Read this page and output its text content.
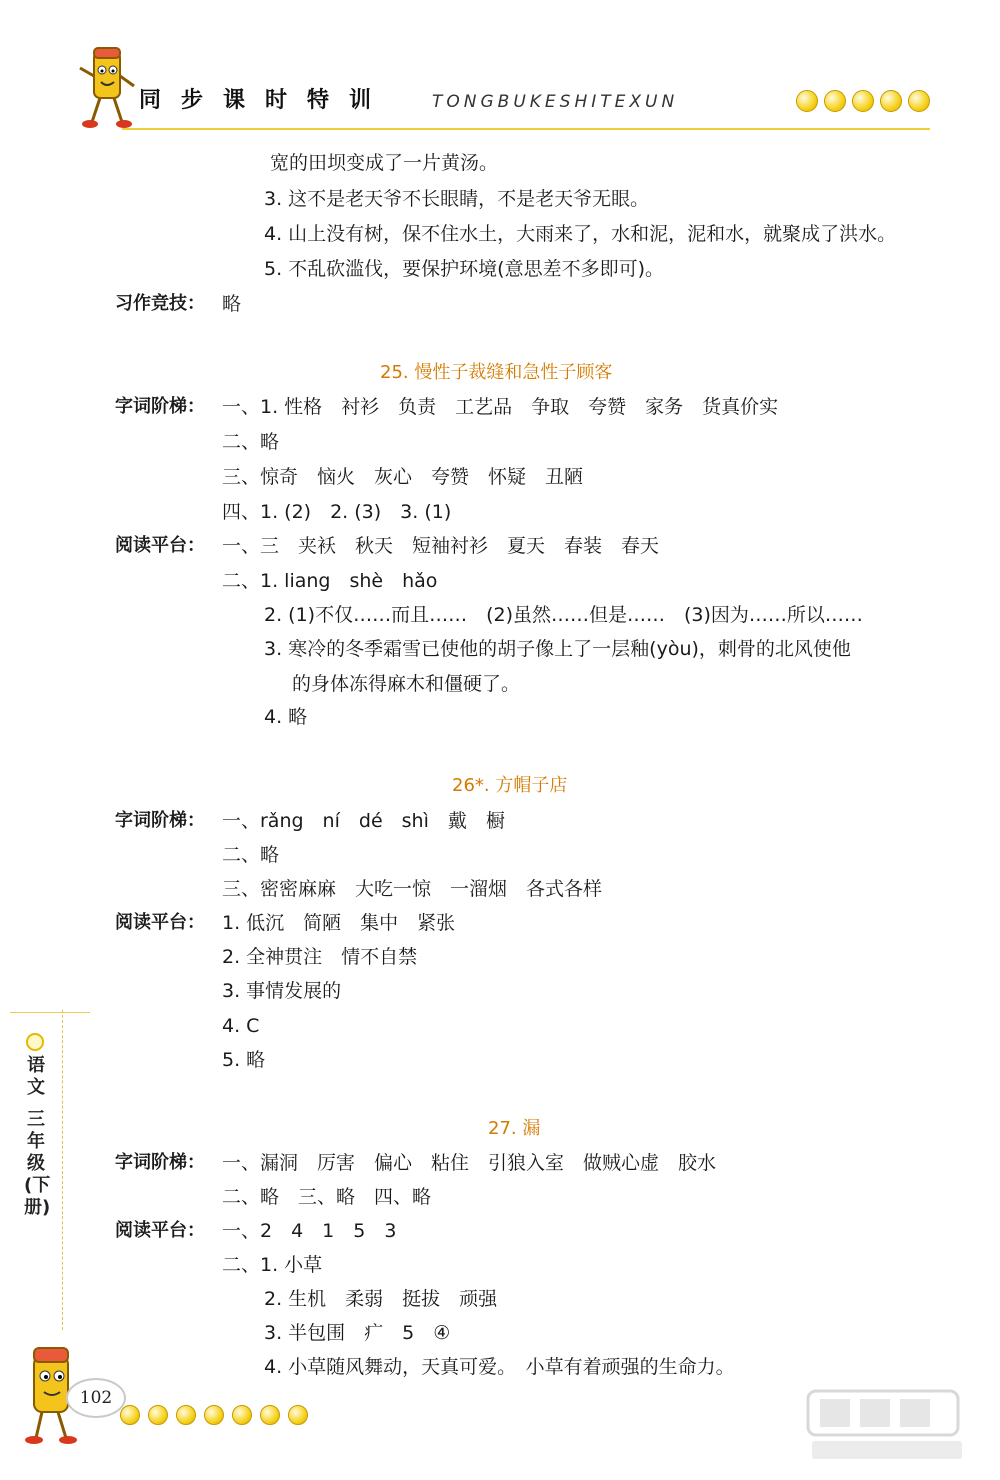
同 步 课 时 特 训	TONGBUKESHITEXUN
宽的田坝变成了一片黄汤。
3. 这不是老天爷不长眼睛，不是老天爷无眼。
4. 山上没有树，保不住水土，大雨来了，水和泥，泥和水，就聚成了洪水。
5. 不乱砍滥伐，要保护环境(意思差不多即可)。
习作竞技： 略
25. 慢性子裁缝和急性子顾客
字词阶梯： 一、1. 性格　衬衫　负责　工艺品　争取　夸赞　家务　货真价实
二、略
三、惊奇　恼火　灰心　夸赞　怀疑　丑陋
四、1. (2)　2. (3)　3. (1)
阅读平台： 一、三　夹袄　秋天　短袖衬衫　夏天　春装　春天
二、1. liang　shè　hǎo
2. (1)不仅……而且……　(2)虽然……但是……　(3)因为……所以……
3. 寒冷的冬季霜雪已使他的胡子像上了一层釉(yòu)，刺骨的北风使他
的身体冻得麻木和僵硬了。
4. 略
26*. 方帽子店
字词阶梯： 一、rǎng　ní　dé　shì　戴　橱
二、略
三、密密麻麻　大吃一惊　一溜烟　各式各样
阅读平台： 1. 低沉　简陋　集中　紧张
2. 全神贯注　情不自禁
3. 事情发展的
4. C
5. 略
27. 漏
字词阶梯： 一、漏洞　厉害　偏心　粘住　引狼入室　做贼心虚　胶水
二、略　三、略　四、略
阅读平台： 一、2　4　1　5　3
二、1. 小草
2. 生机　柔弱　挺拔　顽强
3. 半包围　疒　5　④
4. 小草随风舞动，天真可爱。　小草有着顽强的生命力。
语文
三年级(下册)
102
